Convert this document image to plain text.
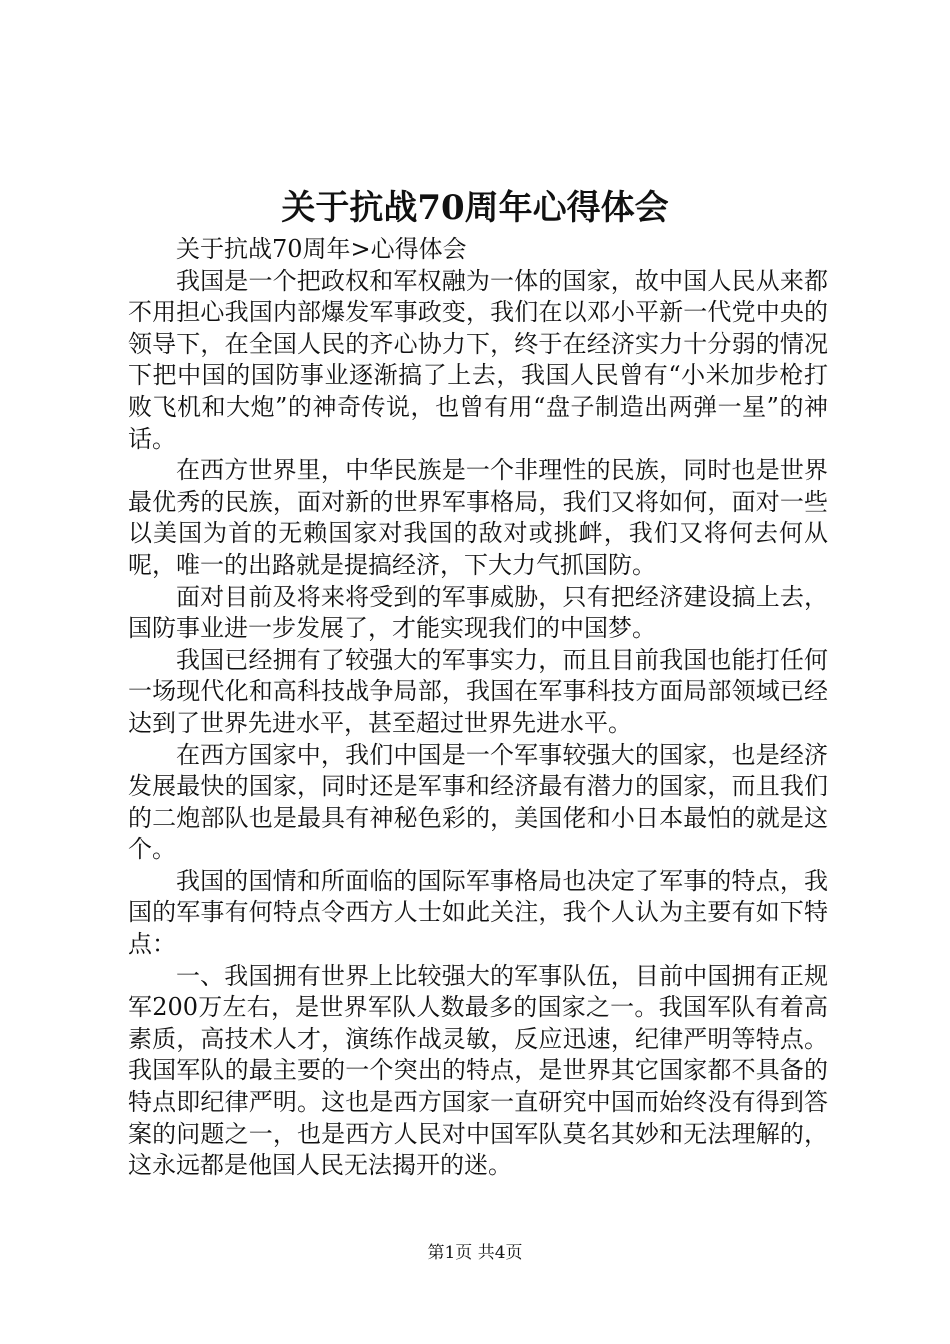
关于抗战70周年心得体会

关于抗战70周年>心得体会

我国是一个把政权和军权融为一体的国家，故中国人民从来都不用担心我国内部爆发军事政变，我们在以邓小平新一代党中央的领导下，在全国人民的齐心协力下，终于在经济实力十分弱的情况下把中国的国防事业逐渐搞了上去，我国人民曾有“小米加步枪打败飞机和大炮”的神奇传说，也曾有用“盘子制造出两弹一星”的神话。

在西方世界里，中华民族是一个非理性的民族，同时也是世界最优秀的民族，面对新的世界军事格局，我们又将如何，面对一些以美国为首的无赖国家对我国的敌对或挑衅，我们又将何去何从呢，唯一的出路就是提搞经济，下大力气抓国防。

面对目前及将来将受到的军事威胁，只有把经济建设搞上去，国防事业进一步发展了，才能实现我们的中国梦。

我国已经拥有了较强大的军事实力，而且目前我国也能打任何一场现代化和高科技战争局部，我国在军事科技方面局部领域已经达到了世界先进水平，甚至超过世界先进水平。

在西方国家中，我们中国是一个军事较强大的国家，也是经济发展最快的国家，同时还是军事和经济最有潜力的国家，而且我们的二炮部队也是最具有神秘色彩的，美国佬和小日本最怕的就是这个。

我国的国情和所面临的国际军事格局也决定了军事的特点，我国的军事有何特点令西方人士如此关注，我个人认为主要有如下特点：

一、我国拥有世界上比较强大的军事队伍，目前中国拥有正规军200万左右，是世界军队人数最多的国家之一。我国军队有着高素质，高技术人才，演练作战灵敏，反应迅速，纪律严明等特点。我国军队的最主要的一个突出的特点，是世界其它国家都不具备的特点即纪律严明。这也是西方国家一直研究中国而始终没有得到答案的问题之一，也是西方人民对中国军队莫名其妙和无法理解的，这永远都是他国人民无法揭开的迷。

第1页 共4页
